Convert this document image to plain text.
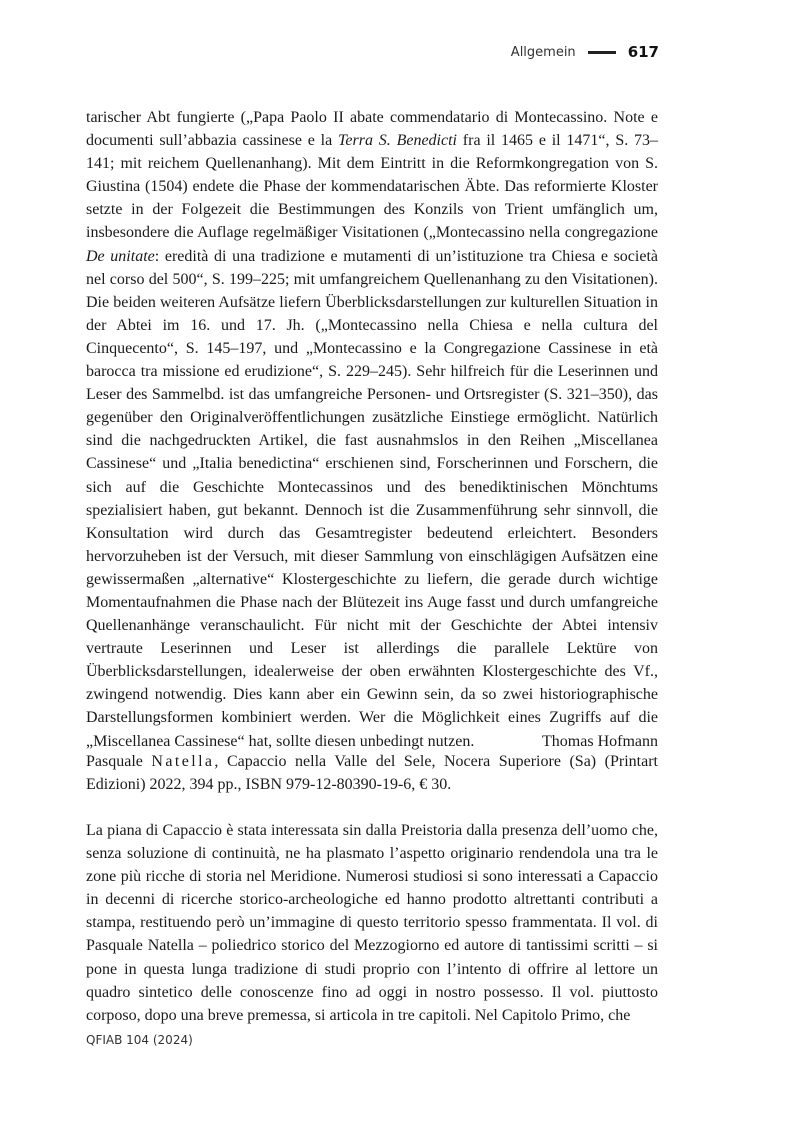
Allgemein	617

tarischer Abt fungierte („Papa Paolo II abate commendatario di Montecassino. Note e documenti sull’abbazia cassinese e la Terra S. Benedicti fra il 1465 e il 1471“, S. 73–141; mit reichem Quellenanhang). Mit dem Eintritt in die Reformkongregation von S. Giustina (1504) endete die Phase der kommendatarischen Äbte. Das reformierte Kloster setzte in der Folgezeit die Bestimmungen des Konzils von Trient umfänglich um, insbesondere die Auflage regelmäßiger Visitationen („Montecassino nella congregazione De unitate: eredità di una tradizione e mutamenti di un’istituzione tra Chiesa e società nel corso del 500“, S. 199–225; mit umfangreichem Quellenanhang zu den Visitationen). Die beiden weiteren Aufsätze liefern Überblicksdarstellungen zur kulturellen Situation in der Abtei im 16. und 17. Jh. („Montecassino nella Chiesa e nella cultura del Cinquecento“, S. 145–197, und „Montecassino e la Congregazione Cassinese in età barocca tra missione ed erudizione“, S. 229–245). Sehr hilfreich für die Leserinnen und Leser des Sammelbd. ist das umfangreiche Personen- und Ortsregister (S. 321–350), das gegenüber den Originalveröffentlichungen zusätzliche Einstiege ermöglicht. Natürlich sind die nachgedruckten Artikel, die fast ausnahmslos in den Reihen „Miscellanea Cassinese“ und „Italia benedictina“ erschienen sind, Forscherinnen und Forschern, die sich auf die Geschichte Montecassinos und des benediktinischen Mönchtums spezialisiert haben, gut bekannt. Dennoch ist die Zusammenführung sehr sinnvoll, die Konsultation wird durch das Gesamtregister bedeutend erleichtert. Besonders hervorzuheben ist der Versuch, mit dieser Sammlung von einschlägigen Aufsätzen eine gewissermaßen „alternative“ Klostergeschichte zu liefern, die gerade durch wichtige Momentaufnahmen die Phase nach der Blütezeit ins Auge fasst und durch umfangreiche Quellenanhänge veranschaulicht. Für nicht mit der Geschichte der Abtei intensiv vertraute Leserinnen und Leser ist allerdings die parallele Lektüre von Überblicksdarstellungen, idealerweise der oben erwähnten Klostergeschichte des Vf., zwingend notwendig. Dies kann aber ein Gewinn sein, da so zwei historiographische Darstellungsformen kombiniert werden. Wer die Möglichkeit eines Zugriffs auf die „Miscellanea Cassinese“ hat, sollte diesen unbedingt nutzen.	Thomas Hofmann

Pasquale Natella, Capaccio nella Valle del Sele, Nocera Superiore (Sa) (Printart Edizioni) 2022, 394 pp., ISBN 979-12-80390-19-6, € 30.

La piana di Capaccio è stata interessata sin dalla Preistoria dalla presenza dell’uomo che, senza soluzione di continuità, ne ha plasmato l’aspetto originario rendendola una tra le zone più ricche di storia nel Meridione. Numerosi studiosi si sono interessati a Capaccio in decenni di ricerche storico-archeologiche ed hanno prodotto altrettanti contributi a stampa, restituendo però un’immagine di questo territorio spesso frammentata. Il vol. di Pasquale Natella – poliedrico storico del Mezzogiorno ed autore di tantissimi scritti – si pone in questa lunga tradizione di studi proprio con l’intento di offrire al lettore un quadro sintetico delle conoscenze fino ad oggi in nostro possesso. Il vol. piuttosto corposo, dopo una breve premessa, si articola in tre capitoli. Nel Capitolo Primo, che

QFIAB 104 (2024)
